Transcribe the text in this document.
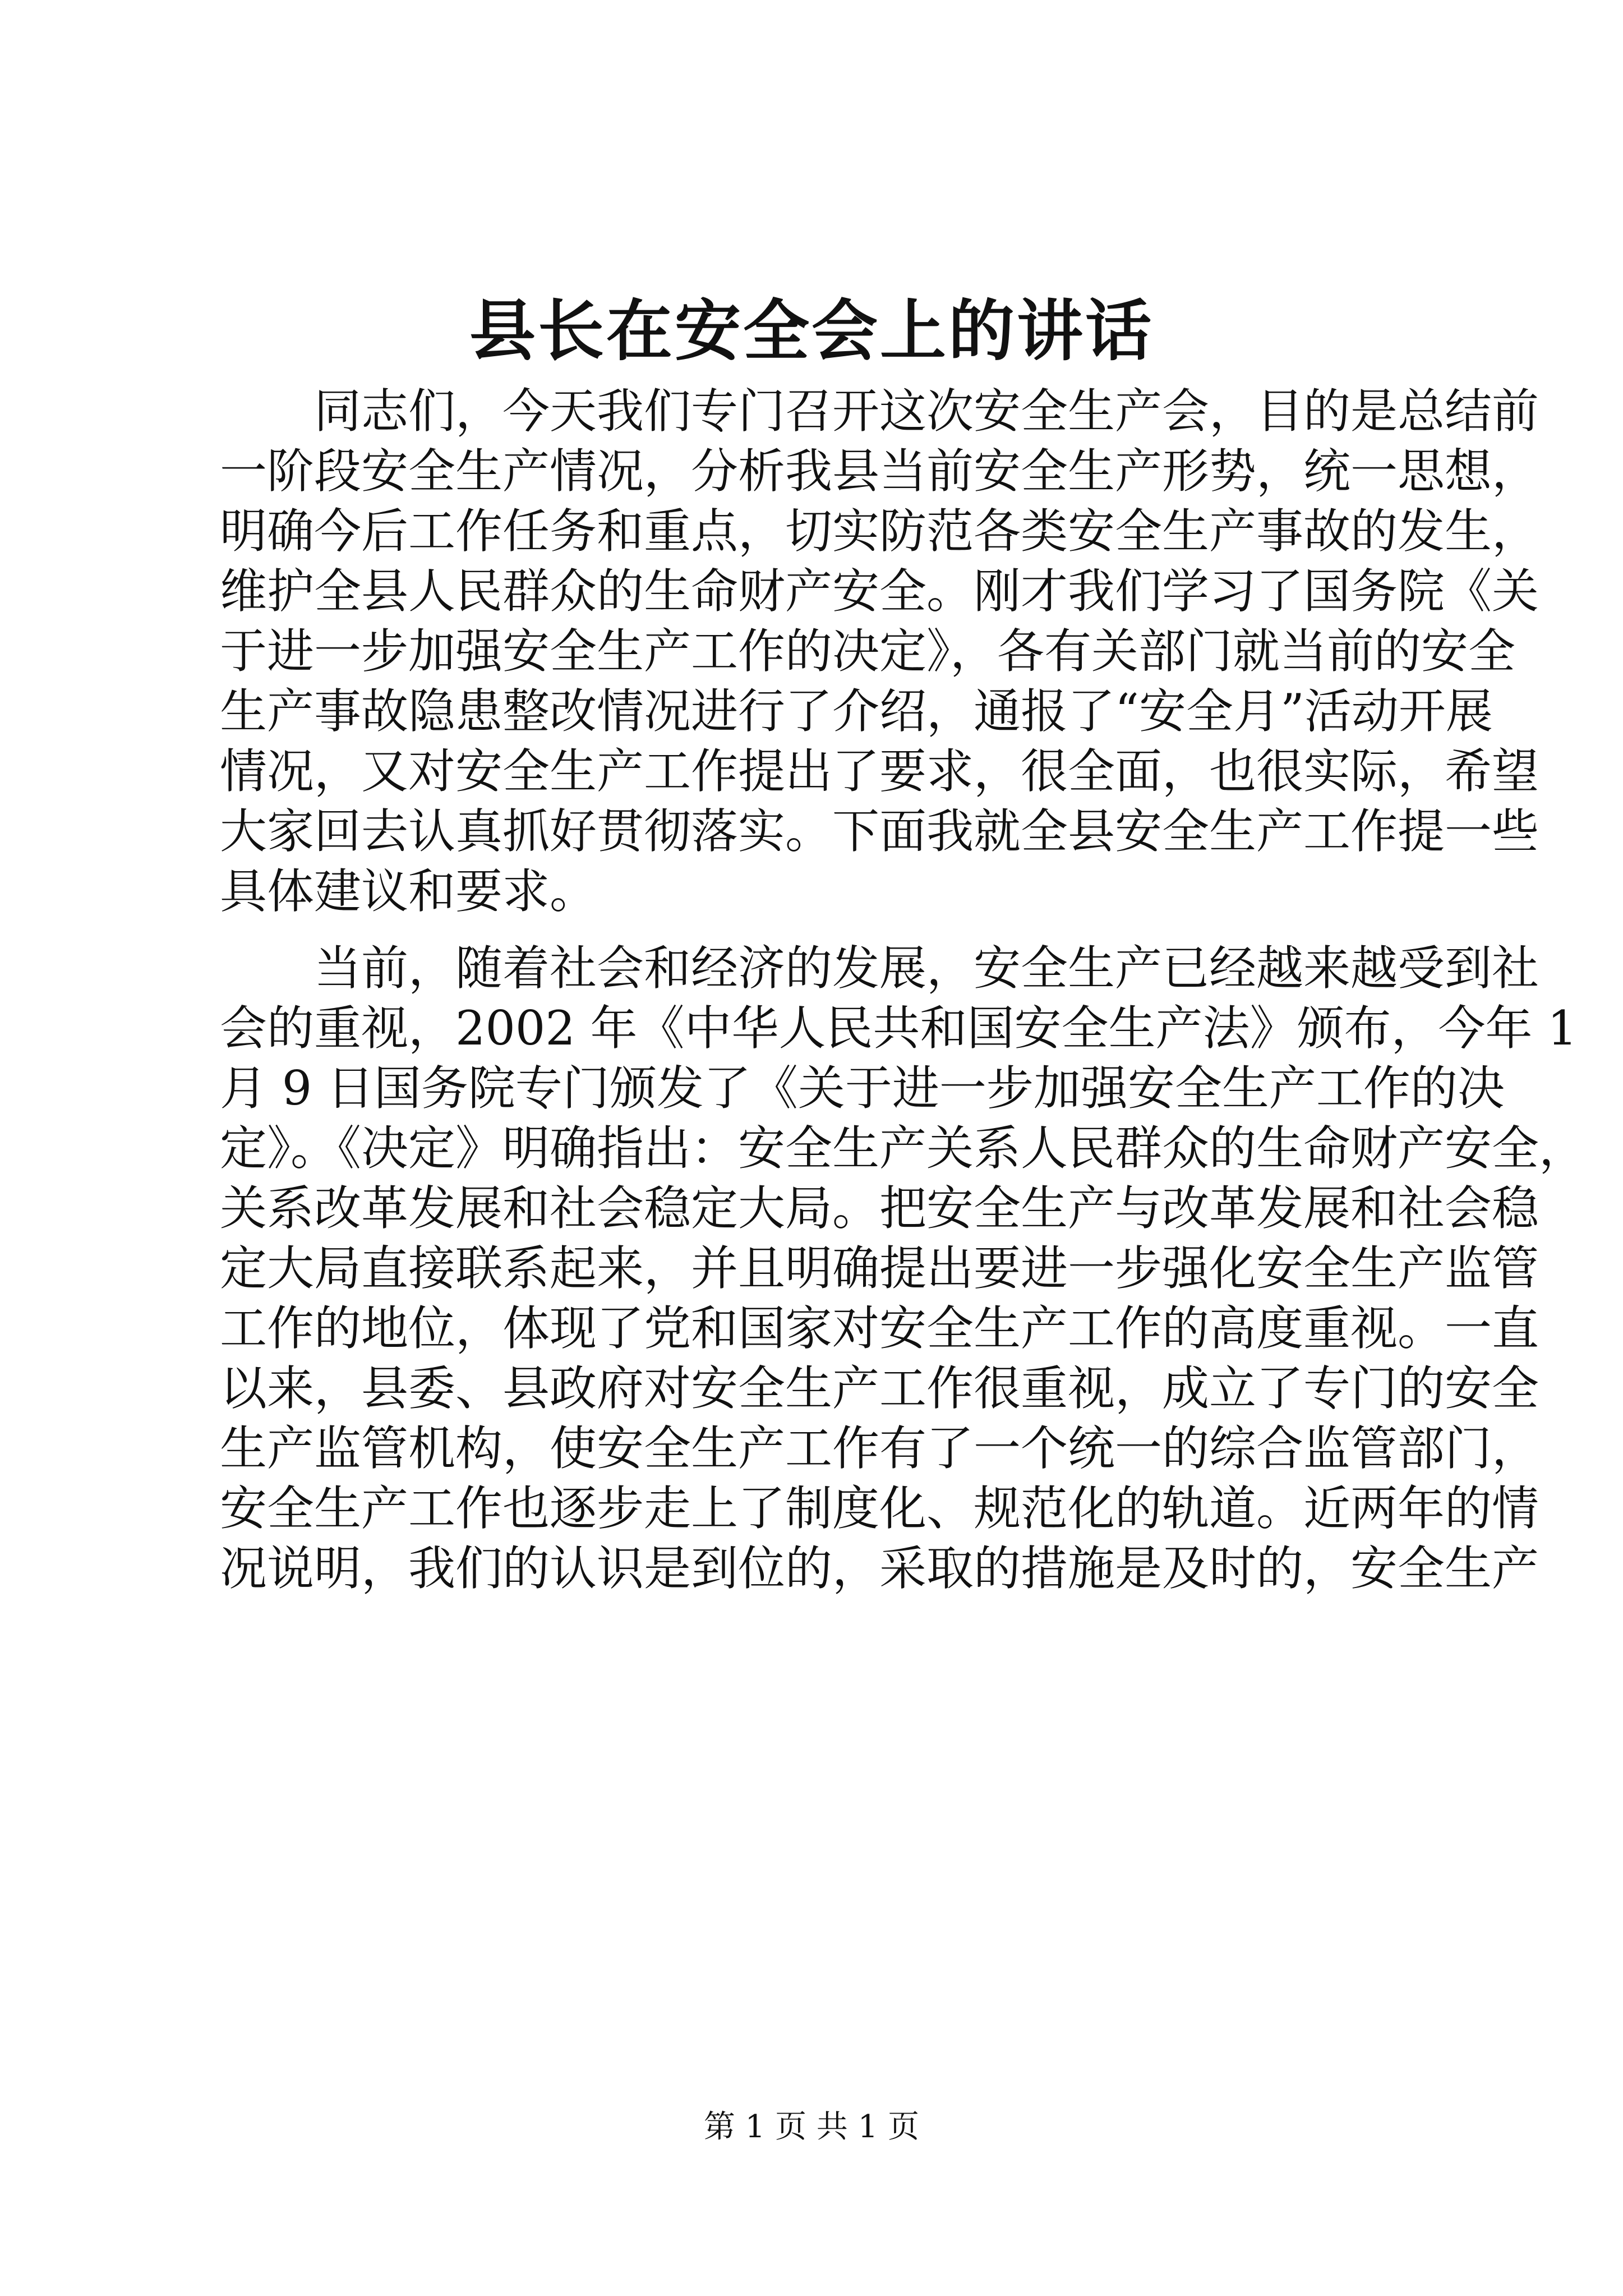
县长在安全会上的讲话
同志们，今天我们专门召开这次安全生产会，目的是总结前
一阶段安全生产情况，分析我县当前安全生产形势，统一思想，
明确今后工作任务和重点，切实防范各类安全生产事故的发生，
维护全县人民群众的生命财产安全。刚才我们学习了国务院《关
于进一步加强安全生产工作的决定》，各有关部门就当前的安全
生产事故隐患整改情况进行了介绍，通报了“安全月”活动开展
情况，又对安全生产工作提出了要求，很全面，也很实际，希望
大家回去认真抓好贯彻落实。下面我就全县安全生产工作提一些
具体建议和要求。
当前，随着社会和经济的发展，安全生产已经越来越受到社
会的重视，2002 年《中华人民共和国安全生产法》颁布，今年 1
月 9 日国务院专门颁发了《关于进一步加强安全生产工作的决
定》。《决定》明确指出：安全生产关系人民群众的生命财产安全，
关系改革发展和社会稳定大局。把安全生产与改革发展和社会稳
定大局直接联系起来，并且明确提出要进一步强化安全生产监管
工作的地位，体现了党和国家对安全生产工作的高度重视。一直
以来，县委、县政府对安全生产工作很重视，成立了专门的安全
生产监管机构，使安全生产工作有了一个统一的综合监管部门，
安全生产工作也逐步走上了制度化、规范化的轨道。近两年的情
况说明，我们的认识是到位的，采取的措施是及时的，安全生产
第 1 页 共 1 页
